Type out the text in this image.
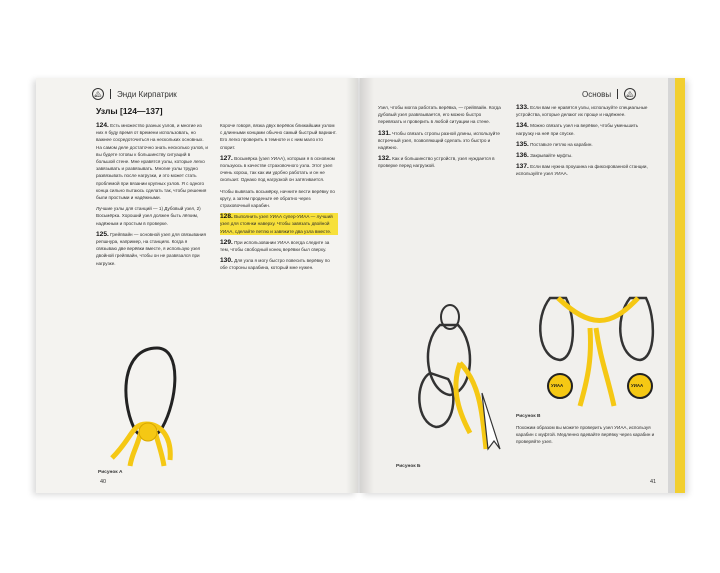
🏔 Энди Кирпатрик
Узлы [124—137]

124. Есть множество разных узлов, и многие из них я буду время от времени использовать, но важнее сосредоточиться на нескольких основных. На самом деле достаточно знать несколько узлов, и вы будете готовы к большинству ситуаций в большой стене. Мне нравятся узлы, которые легко завязывать и развязывать. Многие узлы трудно развязывать после нагрузки, и это может стать проблемой при вязании крупных узлов. Я с одного конца сильно пытаюсь сделать так, чтобы решения были простыми и надёжными.

Лучшие узлы для станций — 1) Дубовый узел, 2) Восьмёрка. Хороший узел должен быть лёгким, надёжным и простым в проверке.

125. Грейпвайн — основной узел для связывания репшнура, например, на станциях. Когда я связываю две верёвки вместе, я использую узел двойной грейпвайн, чтобы он не развязался при нагрузке.

Короче говоря, вязка двух верёвок ближайшим узлом с длинными концами обычно самый быстрый вариант. Его легко проверить в темноте и с ним мало кто спорит.

127. Восьмёрка (узел УИАА), которым я в основном пользуюсь в качестве страховочного узла. Этот узел очень хорош, так как им удобно работать и он не скользит. Однако под нагрузкой он затягивается.

Чтобы вывязать восьмёрку, начните вести верёвку по кругу, а затем проденьте её обратно через страховочный карабин.

128. Выполнить узел УИАА супер-УИАА — лучший узел для стоянки наверху. Чтобы завязать двойной УИАА, сделайте петлю и завяжите два узла вместе.

129. При использовании УИАА всегда следите за тем, чтобы свободный конец верёвки был сверху.

130. Для узла я могу быстро повесить верёвку по обе стороны карабина, который мне нужен.

Рисунок А
40
Основы	🏔

Узел, чтобы могла работать верёвка, — грейпвайн. Когда дубовый узел развязывается, его можно быстро перевязать и проверить в любой ситуации на стене.

131. Чтобы связать стропы разной длины, используйте встречный узел, позволяющий сделать это быстро и надёжно.

132. Как и большинство устройств, узел нуждается в проверке перед нагрузкой.

133. Если вам не нравятся узлы, используйте специальные устройства, которые делают их проще и надёжнее.

134. Можно связать узел на верёвке, чтобы уменьшить нагрузку на неё при спуске.

135. Поставьте петлю на карабин.

136. Закрывайте муфты.

137. Если вам нужна проушина на фиксированной станции, используйте узел УИАА.

Рисунок Б
УИАА	УИАА
Рисунок В
Похожим образом вы можете проверить узел УИАА, используя карабин с муфтой. Медленно вдевайте верёвку через карабин и проверяйте узел.
41
